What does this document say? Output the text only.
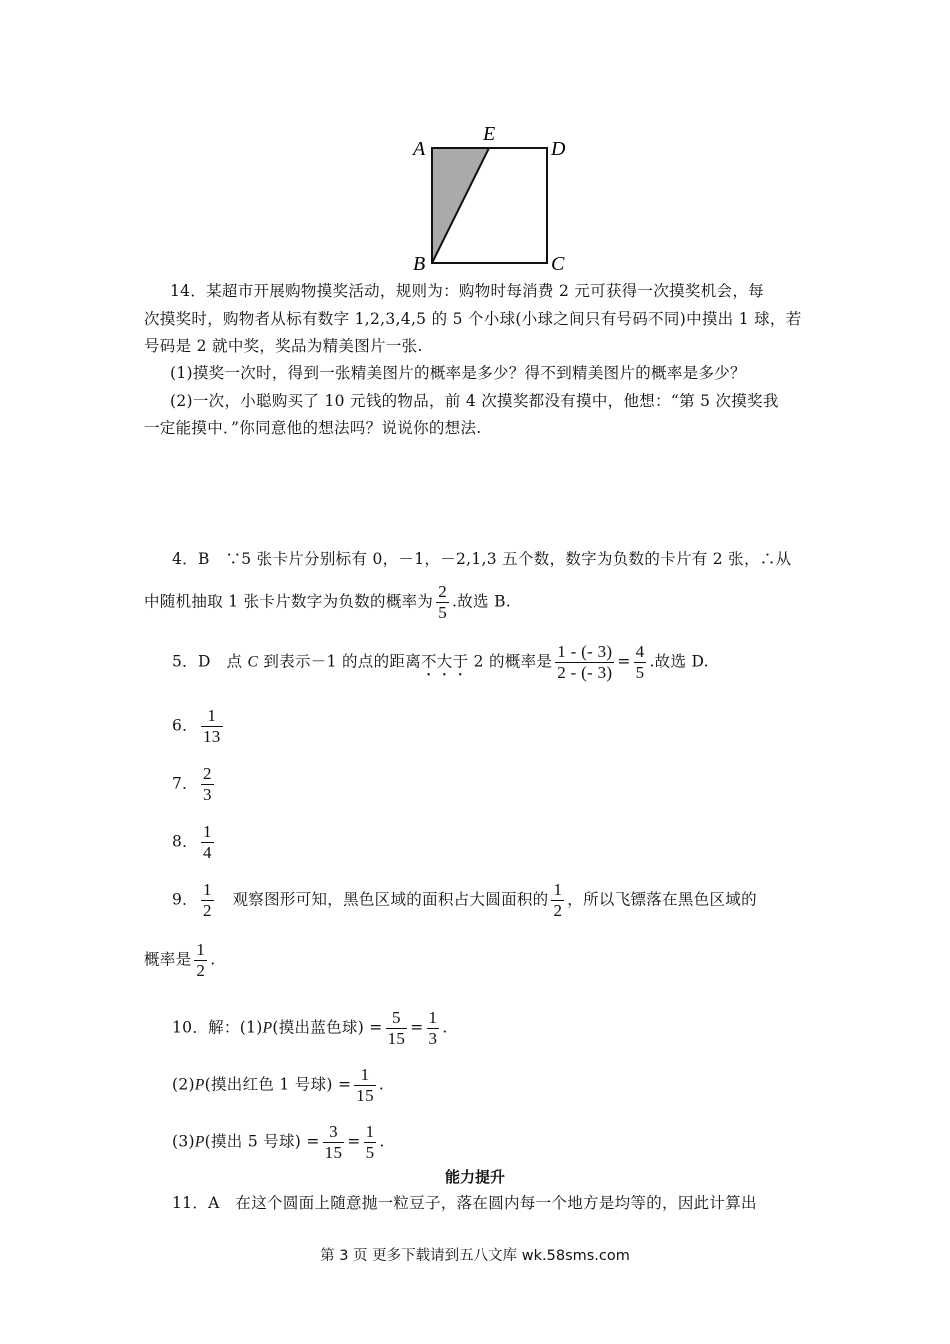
A
E
D
B	C
14．某超市开展购物摸奖活动，规则为：购物时每消费 2 元可获得一次摸奖机会，每
次摸奖时，购物者从标有数字 1,2,3,4,5 的 5 个小球(小球之间只有号码不同)中摸出 1 球，若
号码是 2 就中奖，奖品为精美图片一张.
(1)摸奖一次时，得到一张精美图片的概率是多少？得不到精美图片的概率是多少？
(2)一次，小聪购买了 10 元钱的物品，前 4 次摸奖都没有摸中，他想：“第 5 次摸奖我
一定能摸中．”你同意他的想法吗？说说你的想法.
4．B　∵5 张卡片分别标有 0，－1，－2,1,3 五个数，数字为负数的卡片有 2 张，∴从
中随机抽取 1 张卡片数字为负数的概率为 $\frac{2}{5}$ .故选 B.
5．D　点 C 到表示－1 的点的距离不大于 2 的概率是 $\frac{1 - (- 3)}{2 - (- 3)} = \frac{4}{5}$ .故选 D.
6． $\frac{1}{13}$
7． $\frac{2}{3}$
8． $\frac{1}{4}$
9． $\frac{1}{2}$ 观察图形可知，黑色区域的面积占大圆面积的 $\frac{1}{2}$ ，所以飞镖落在黑色区域的
概率是 $\frac{1}{2}$ .
10．解：(1)P(摸出蓝色球) = $\frac{5}{15} = \frac{1}{3}$ .
(2)P(摸出红色 1 号球) = $\frac{1}{15}$ .
(3)P(摸出 5 号球) = $\frac{3}{15} = \frac{1}{5}$ .
能力提升
11．A　在这个圆面上随意抛一粒豆子，落在圆内每一个地方是均等的，因此计算出
第 3 页 更多下载请到五八文库 wk.58sms.com
